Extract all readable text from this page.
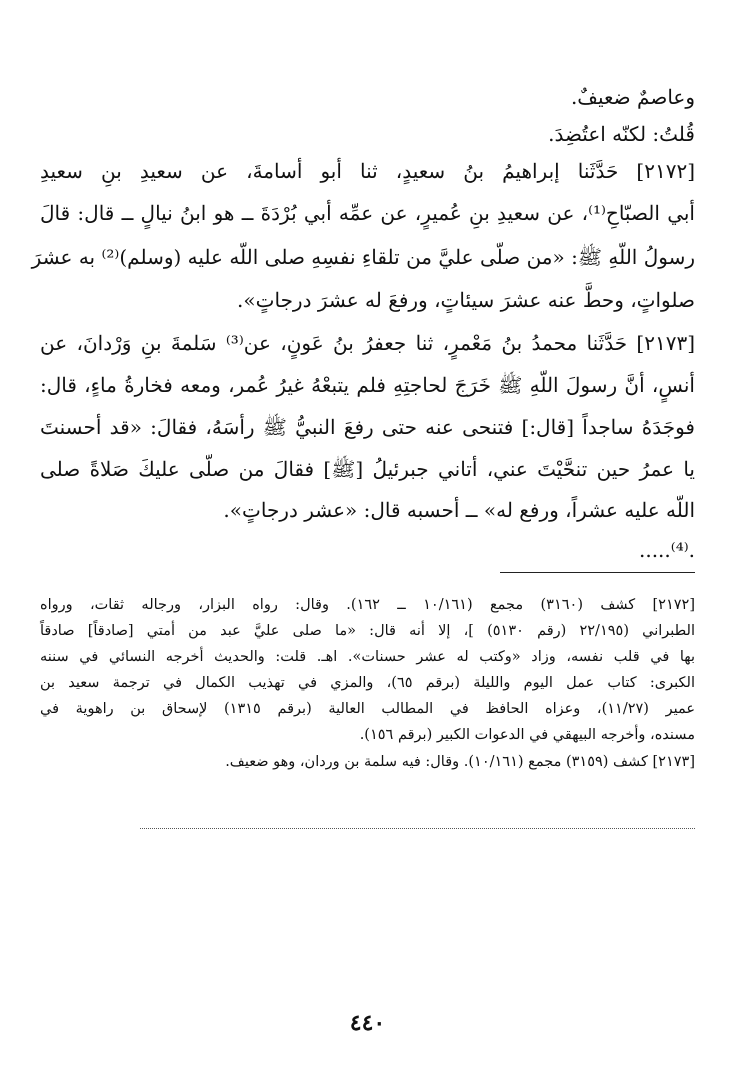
وعاصمٌ ضعيفٌ.
قُلتُ: لكنّه اعتُضِدَ.
[٢١٧٢] حَدَّثَنا إبراهيمُ بنُ سعيدٍ، ثنا أبو أسامةَ، عن سعيدِ بنِ سعيدِ
أبي الصبّاحِ⁽¹⁾، عن سعيدِ بنِ عُميرٍ، عن عمِّه أبي بُرْدَةَ ــ هو ابنُ نيالٍ ــ قال: قالَ
رسولُ اللّهِ ﷺ: «من صلّى عليَّ من تلقاءِ نفسِهِ صلى اللّه عليه (وسلم)⁽²⁾ به عشرَ
صلواتٍ، وحطَّ عنه عشرَ سيئاتٍ، ورفعَ له عشرَ درجاتٍ».
[٢١٧٣] حَدَّثَنا محمدُ بنُ مَعْمرٍ، ثنا جعفرُ بنُ عَونٍ، عن⁽³⁾ سَلمةَ بنِ وَرْدانَ، عن
أنسٍ، أنَّ رسولَ اللّهِ ﷺ خَرَجَ لحاجتِهِ فلم يتبعْهُ غيرُ عُمر، ومعه فخارةُ ماءٍ، قال:
فوجَدَهُ ساجداً [قال:] فتنحى عنه حتى رفعَ النبيُّ ﷺ رأسَهُ، فقالَ: «قد أحسنتَ
يا عمرُ حين تنحَّيْتَ عني، أتاني جبرئيلُ [ﷺ] فقالَ من صلّى عليكَ صَلاةً صلى
اللّه عليه عشراً، ورفع له» ــ أحسبه قال: «عشر درجاتٍ».
.⁽⁴⁾.....
[٢١٧٢] كشف (٣١٦٠) مجمع (١٠/١٦١ ــ ١٦٢). وقال: رواه البزار، ورجاله ثقات، ورواه
الطبراني (٢٢/١٩٥ (رقم ٥١٣٠) ]، إلا أنه قال: «ما صلى عليَّ عبد من أمتي [صادقاً] صادقاً
بها في قلب نفسه، وزاد «وكتب له عشر حسنات». اهـ. قلت: والحديث أخرجه النسائي في سننه
الكبرى: كتاب عمل اليوم والليلة (برقم ٦٥)، والمزي في تهذيب الكمال في ترجمة سعيد بن
عمير (١١/٢٧)، وعزاه الحافظ في المطالب العالية (برقم ١٣١٥) لإسحاق بن راهوية في
مسنده، وأخرجه البيهقي في الدعوات الكبير (برقم ١٥٦).
[٢١٧٣] كشف (٣١٥٩) مجمع (١٠/١٦١). وقال: فيه سلمة بن وردان، وهو ضعيف.
٤٤٠
